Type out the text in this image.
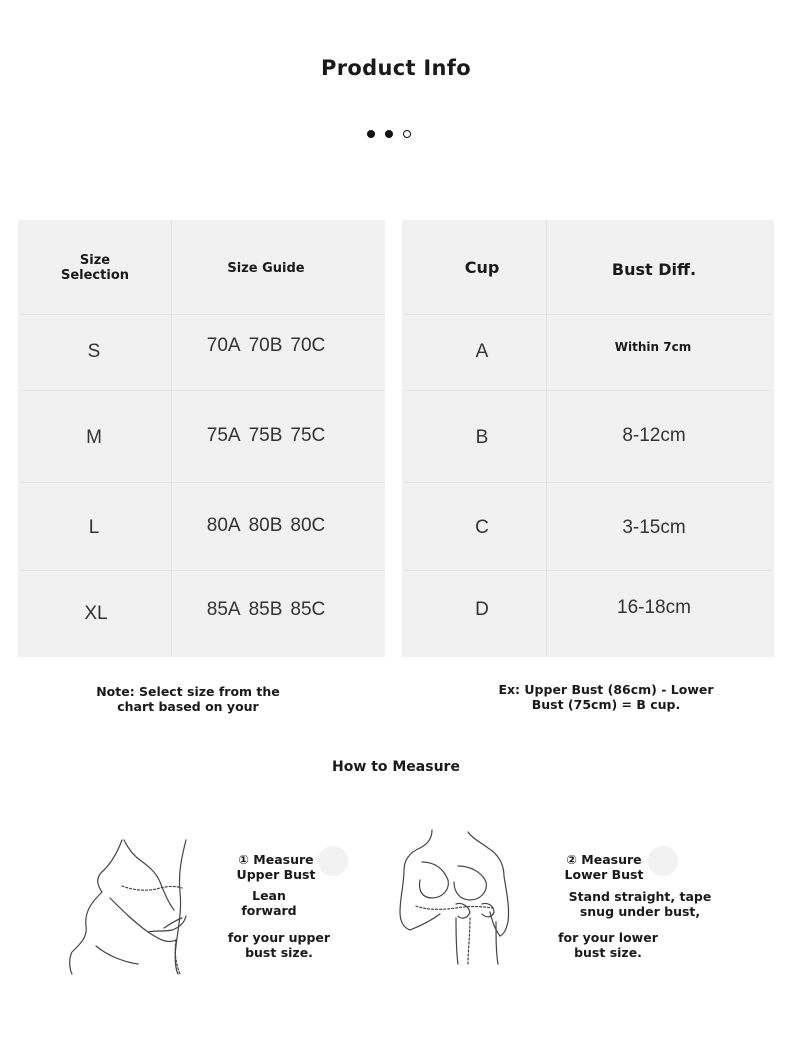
Product Info
Size Selection	Size Guide
S	70A 70B 70C
M	75A 75B 75C
L	80A 80B 80C
XL	85A 85B 85C
Cup	Bust Diff.
A	Within 7cm
B	8-12cm
C	3-15cm
D	16-18cm
Note: Select size from the chart based on your
Ex: Upper Bust (86cm) - Lower Bust (75cm) = B cup.
How to Measure
① Measure
Upper Bust
Lean forward
for your upper bust size.
② Measure
Lower Bust
Stand straight, tape snug under bust,
for your lower bust size.
